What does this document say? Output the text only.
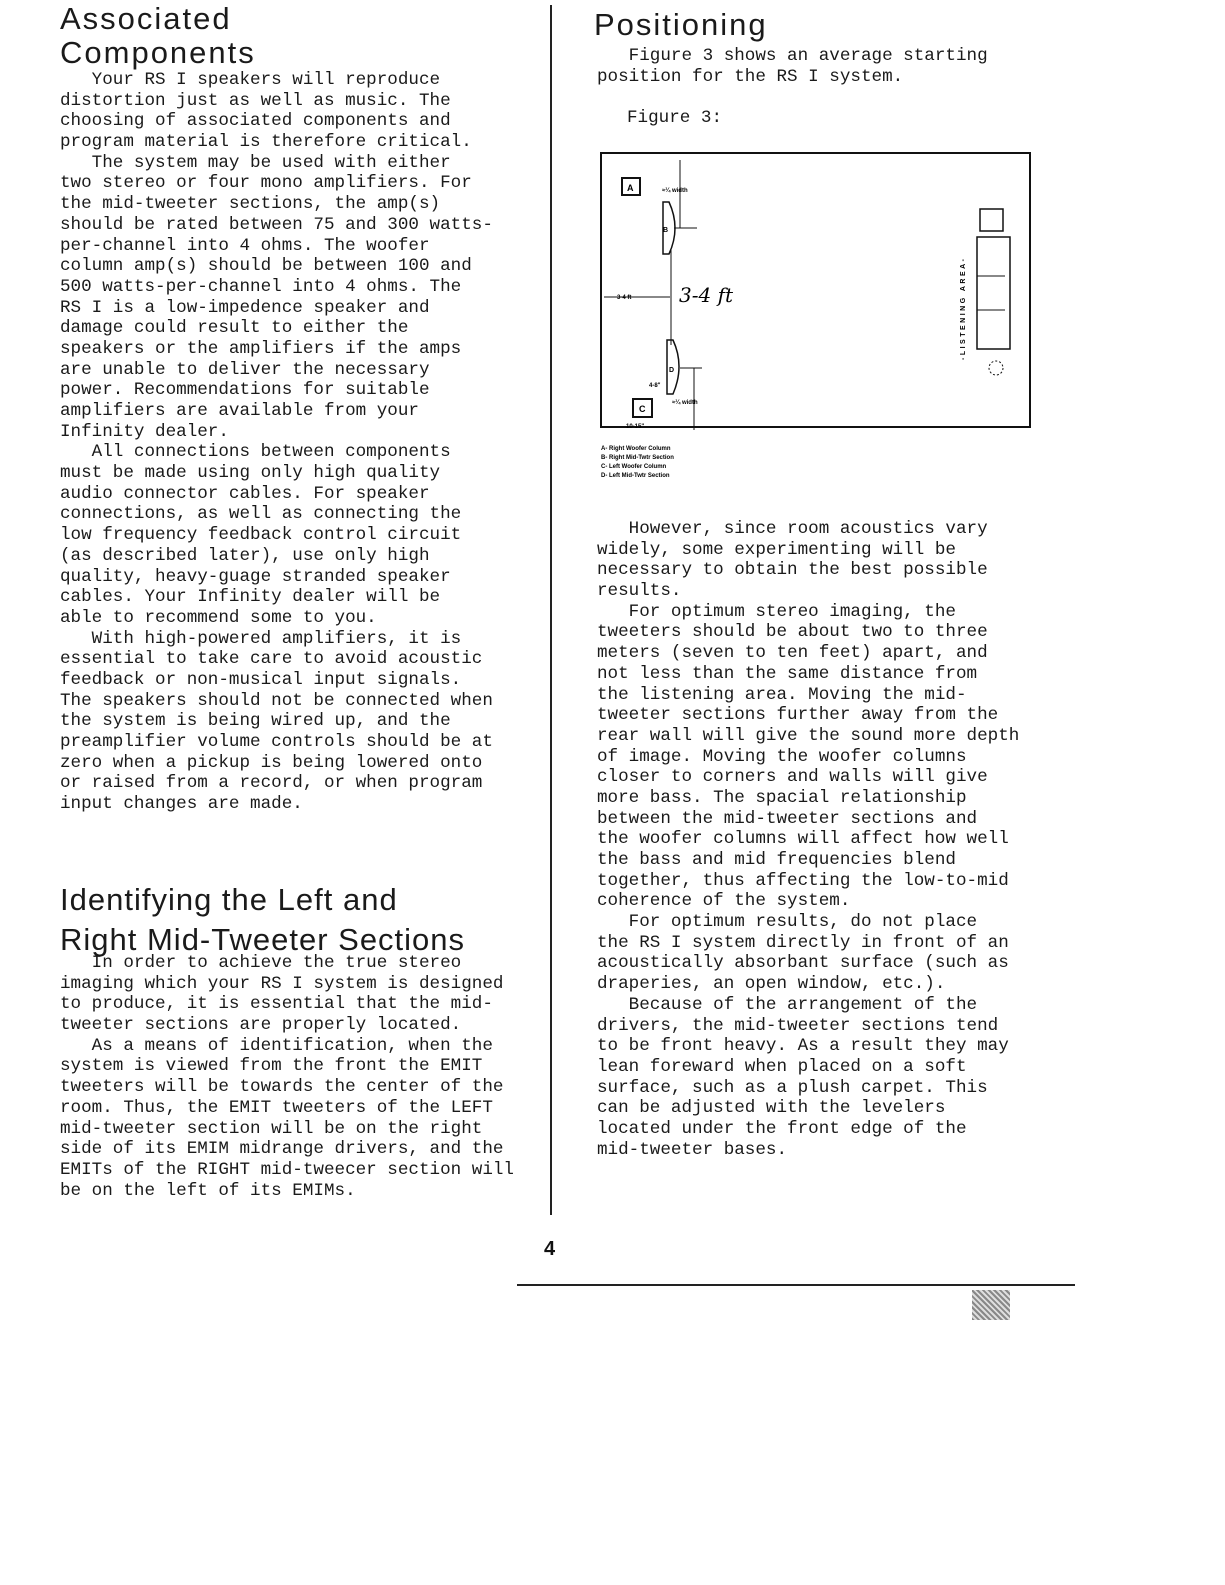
Associated
Components
Your RS I speakers will reproduce
distortion just as well as music. The
choosing of associated components and
program material is therefore critical.
The system may be used with either
two stereo or four mono amplifiers. For
the mid-tweeter sections, the amp(s)
should be rated between 75 and 300 watts-
per-channel into 4 ohms. The woofer
column amp(s) should be between 100 and
500 watts-per-channel into 4 ohms. The
RS I is a low-impedence speaker and
damage could result to either the
speakers or the amplifiers if the amps
are unable to deliver the necessary
power. Recommendations for suitable
amplifiers are available from your
Infinity dealer.
All connections between components
must be made using only high quality
audio connector cables. For speaker
connections, as well as connecting the
low frequency feedback control circuit
(as described later), use only high
quality, heavy-guage stranded speaker
cables. Your Infinity dealer will be
able to recommend some to you.
With high-powered amplifiers, it is
essential to take care to avoid acoustic
feedback or non-musical input signals.
The speakers should not be connected when
the system is being wired up, and the
preamplifier volume controls should be at
zero when a pickup is being lowered onto
or raised from a record, or when program
input changes are made.
Identifying the Left and
Right Mid-Tweeter Sections
In order to achieve the true stereo
imaging which your RS I system is designed
to produce, it is essential that the mid-
tweeter sections are properly located.
As a means of identification, when the
system is viewed from the front the EMIT
tweeters will be towards the center of the
room. Thus, the EMIT tweeters of the LEFT
mid-tweeter section will be on the right
side of its EMIM midrange drivers, and the
EMITs of the RIGHT mid-tweecer section will
be on the left of its EMIMs.
Positioning
Figure 3 shows an average starting
position for the RS I system.
Figure 3:
A
B
≈¼ width
3-4 ft 3-4 ft
D
≈¼ width
4-8"
C
10-15"
-LISTENING AREA-
A- Right Woofer Column
B- Right Mid-Twtr Section
C- Left Woofer Column
D- Left Mid-Twtr Section
However, since room acoustics vary
widely, some experimenting will be
necessary to obtain the best possible
results.
For optimum stereo imaging, the
tweeters should be about two to three
meters (seven to ten feet) apart, and
not less than the same distance from
the listening area. Moving the mid-
tweeter sections further away from the
rear wall will give the sound more depth
of image. Moving the woofer columns
closer to corners and walls will give
more bass. The spacial relationship
between the mid-tweeter sections and
the woofer columns will affect how well
the bass and mid frequencies blend
together, thus affecting the low-to-mid
coherence of the system.
For optimum results, do not place
the RS I system directly in front of an
acoustically absorbant surface (such as
draperies, an open window, etc.).
Because of the arrangement of the
drivers, the mid-tweeter sections tend
to be front heavy. As a result they may
lean foreward when placed on a soft
surface, such as a plush carpet. This
can be adjusted with the levelers
located under the front edge of the
mid-tweeter bases.
4
